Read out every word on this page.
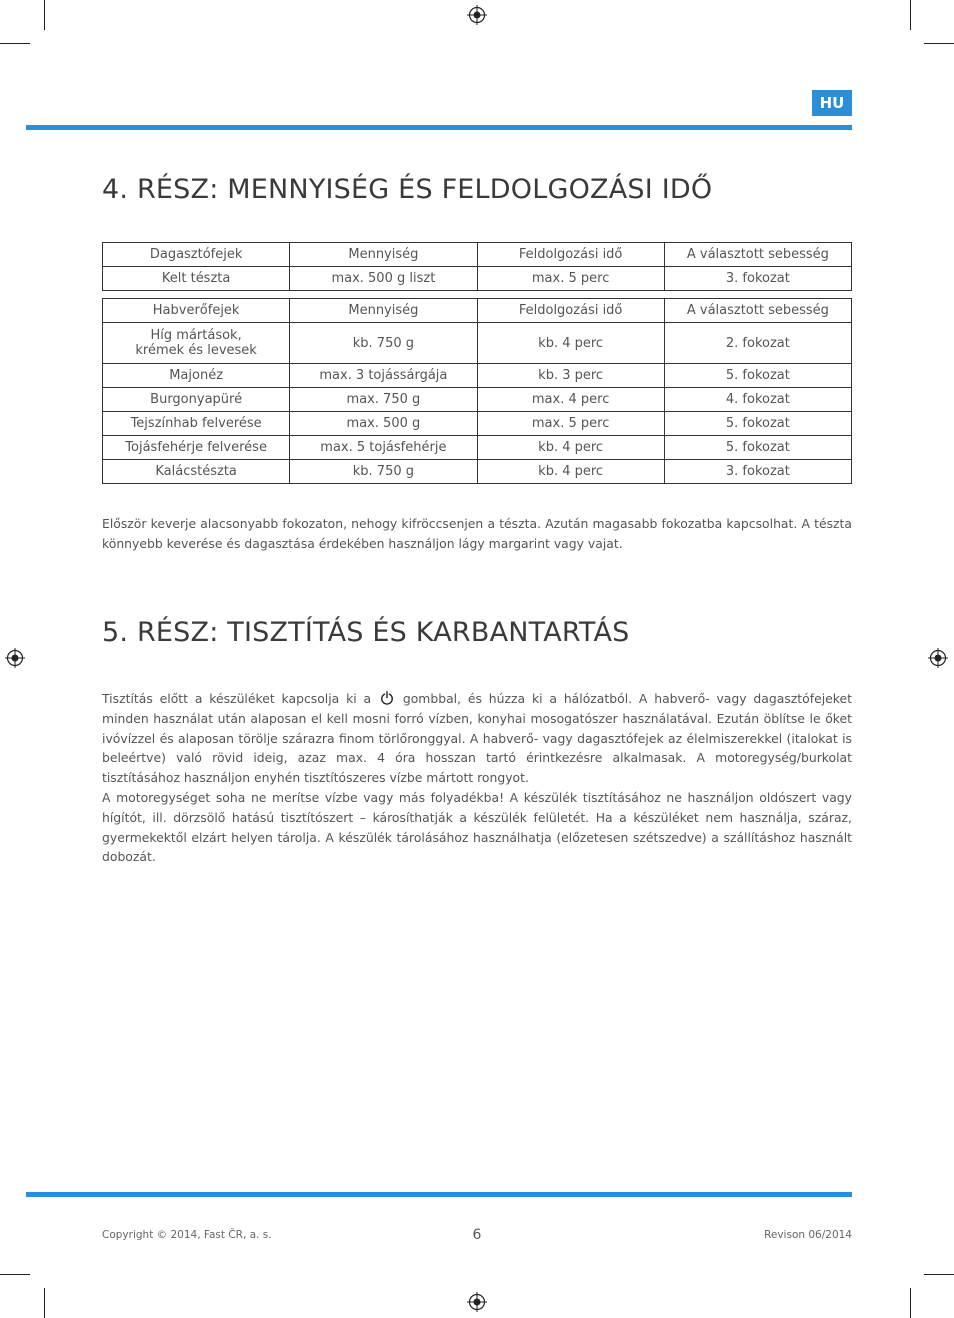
HU
4. RÉSZ: MENNYISÉG ÉS FELDOLGOZÁSI IDŐ
Dagasztófejek	Mennyiség	Feldolgozási idő	A választott sebesség
Kelt tészta	max. 500 g liszt	max. 5 perc	3. fokozat
Habverőfejek	Mennyiség	Feldolgozási idő	A választott sebesség
Híg mártások,
krémek és levesek	kb. 750 g	kb. 4 perc	2. fokozat
Majonéz	max. 3 tojássárgája	kb. 3 perc	5. fokozat
Burgonyapüré	max. 750 g	max. 4 perc	4. fokozat
Tejszínhab felverése	max. 500 g	max. 5 perc	5. fokozat
Tojásfehérje felverése	max. 5 tojásfehérje	kb. 4 perc	5. fokozat
Kalácstészta	kb. 750 g	kb. 4 perc	3. fokozat

Először keverje alacsonyabb fokozaton, nehogy kifröccsenjen a tészta. Azután magasabb fokozatba kapcsolhat. A tészta könnyebb keverése és dagasztása érdekében használjon lágy margarint vagy vajat.

5. RÉSZ: TISZTÍTÁS ÉS KARBANTARTÁS

Tisztítás előtt a készüléket kapcsolja ki a	gombbal, és húzza ki a hálózatból. A habverő- vagy dagasztófejeket minden használat után alaposan el kell mosni forró vízben, konyhai mosogatószer használatával. Ezután öblítse le őket ivóvízzel és alaposan törölje szárazra finom törlőronggyal. A habverő- vagy dagasztófejek az élelmiszerekkel (italokat is beleértve) való rövid ideig, azaz max. 4 óra hosszan tartó érintkezésre alkalmasak. A motoregység/burkolat tisztításához használjon enyhén tisztítószeres vízbe mártott rongyot.
A motoregységet soha ne merítse vízbe vagy más folyadékba! A készülék tisztításához ne használjon oldószert vagy hígítót, ill. dörzsölő hatású tisztítószert – károsíthatják a készülék felületét. Ha a készüléket nem használja, száraz, gyermekektől elzárt helyen tárolja. A készülék tárolásához használhatja (előzetesen szétszedve) a szállításhoz használt dobozát.

Copyright © 2014, Fast ČR, a. s.	6	Revison 06/2014
